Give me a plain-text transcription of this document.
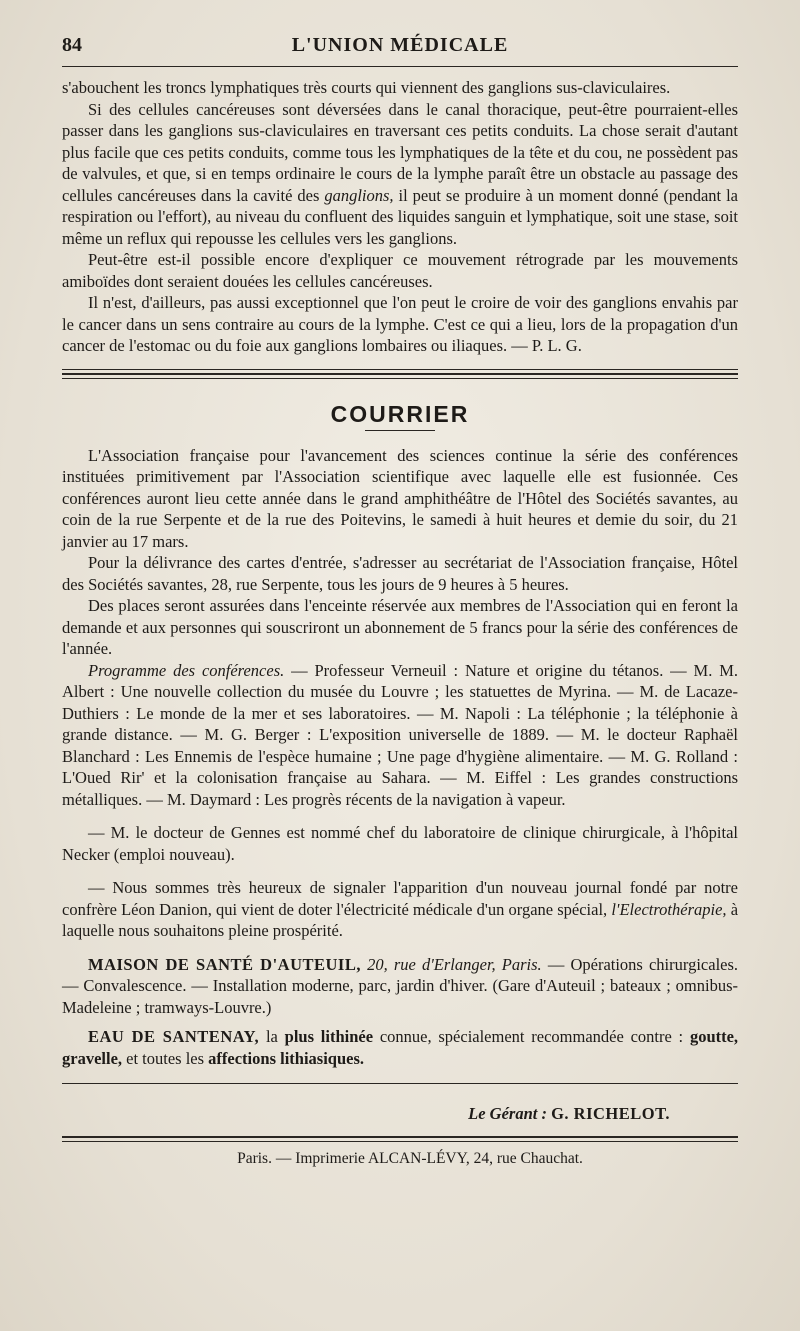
84	L'UNION MÉDICALE

s'abouchent les troncs lymphatiques très courts qui viennent des ganglions sus-claviculaires.

Si des cellules cancéreuses sont déversées dans le canal thoracique, peut-être pourraient-elles passer dans les ganglions sus-claviculaires en traversant ces petits conduits. La chose serait d'autant plus facile que ces petits conduits, comme tous les lymphatiques de la tête et du cou, ne possèdent pas de valvules, et que, si en temps ordinaire le cours de la lymphe paraît être un obstacle au passage des cellules cancéreuses dans la cavité des ganglions, il peut se produire à un moment donné (pendant la respiration ou l'effort), au niveau du confluent des liquides sanguin et lymphatique, soit une stase, soit même un reflux qui repousse les cellules vers les ganglions.

Peut-être est-il possible encore d'expliquer ce mouvement rétrograde par les mouvements amiboïdes dont seraient douées les cellules cancéreuses.

Il n'est, d'ailleurs, pas aussi exceptionnel que l'on peut le croire de voir des ganglions envahis par le cancer dans un sens contraire au cours de la lymphe. C'est ce qui a lieu, lors de la propagation d'un cancer de l'estomac ou du foie aux ganglions lombaires ou iliaques. — P. L. G.

COURRIER

L'Association française pour l'avancement des sciences continue la série des conférences instituées primitivement par l'Association scientifique avec laquelle elle est fusionnée. Ces conférences auront lieu cette année dans le grand amphithéâtre de l'Hôtel des Sociétés savantes, au coin de la rue Serpente et de la rue des Poitevins, le samedi à huit heures et demie du soir, du 21 janvier au 17 mars.

Pour la délivrance des cartes d'entrée, s'adresser au secrétariat de l'Association française, Hôtel des Sociétés savantes, 28, rue Serpente, tous les jours de 9 heures à 5 heures.

Des places seront assurées dans l'enceinte réservée aux membres de l'Association qui en feront la demande et aux personnes qui souscriront un abonnement de 5 francs pour la série des conférences de l'année.

Programme des conférences. — Professeur Verneuil : Nature et origine du tétanos. — M. M. Albert : Une nouvelle collection du musée du Louvre ; les statuettes de Myrina. — M. de Lacaze-Duthiers : Le monde de la mer et ses laboratoires. — M. Napoli : La téléphonie ; la téléphonie à grande distance. — M. G. Berger : L'exposition universelle de 1889. — M. le docteur Raphaël Blanchard : Les Ennemis de l'espèce humaine ; Une page d'hygiène alimentaire. — M. G. Rolland : L'Oued Rir' et la colonisation française au Sahara. — M. Eiffel : Les grandes constructions métalliques. — M. Daymard : Les progrès récents de la navigation à vapeur.

— M. le docteur de Gennes est nommé chef du laboratoire de clinique chirurgicale, à l'hôpital Necker (emploi nouveau).

— Nous sommes très heureux de signaler l'apparition d'un nouveau journal fondé par notre confrère Léon Danion, qui vient de doter l'électricité médicale d'un organe spécial, l'Electrothérapie, à laquelle nous souhaitons pleine prospérité.

MAISON DE SANTÉ D'AUTEUIL, 20, rue d'Erlanger, Paris. — Opérations chirurgicales. — Convalescence. — Installation moderne, parc, jardin d'hiver. (Gare d'Auteuil ; bateaux ; omnibus-Madeleine ; tramways-Louvre.)

EAU DE SANTENAY, la plus lithinée connue, spécialement recommandée contre : goutte, gravelle, et toutes les affections lithiasiques.

Le Gérant : G. RICHELOT.
Paris. — Imprimerie ALCAN-LÉVY, 24, rue Chauchat.
